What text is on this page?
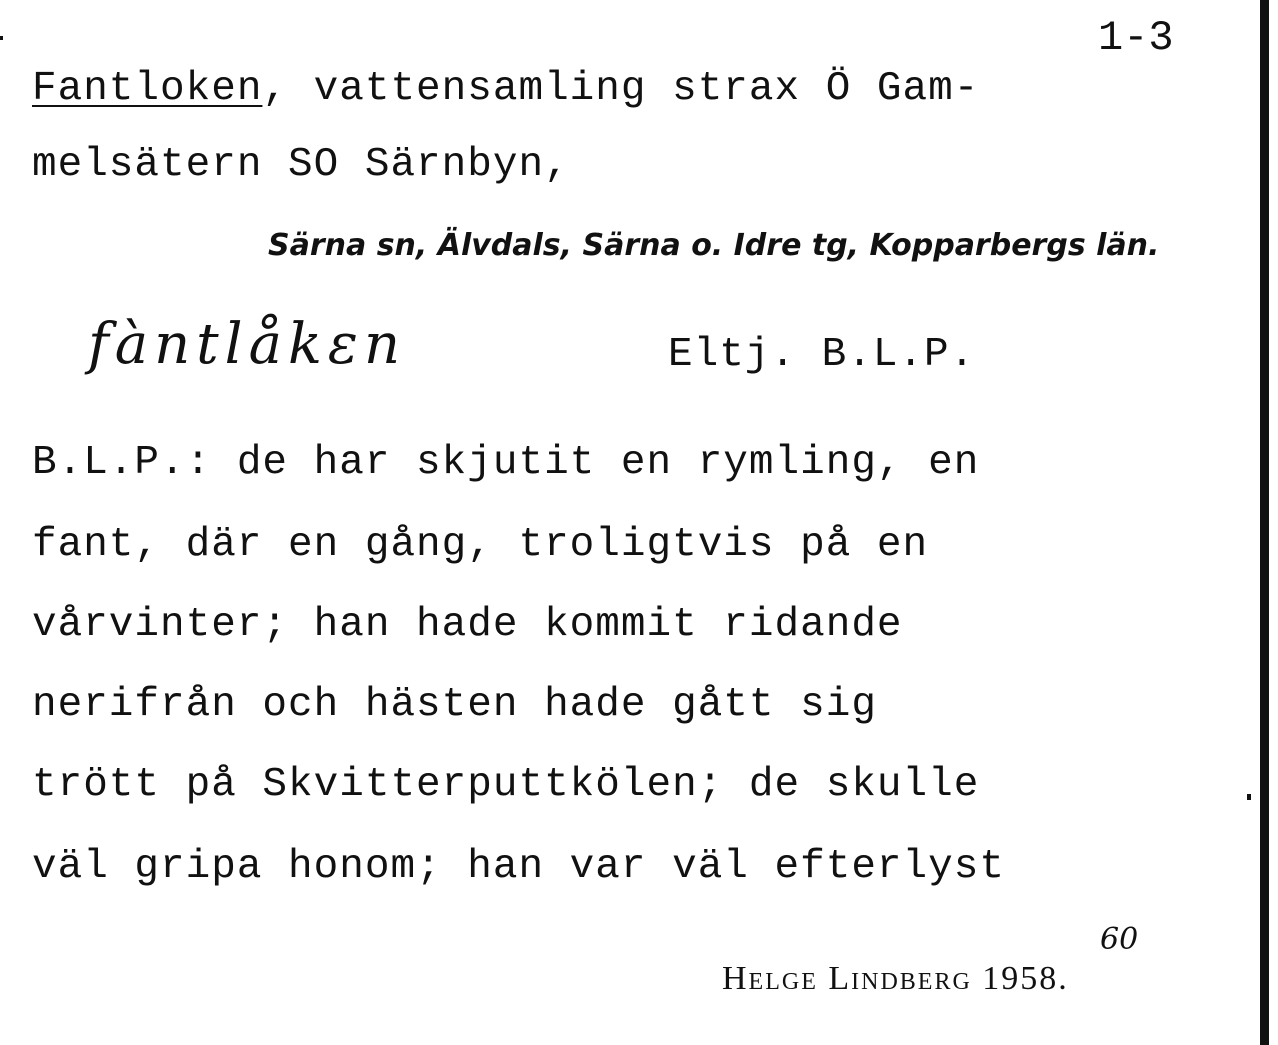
1-3
Fantloken, vattensamling strax Ö Gam-
melsätern SO Särnbyn,
Särna sn, Älvdals, Särna o. Idre tg, Kopparbergs län.
fàntlåkɛn	Eltj. B.L.P.
B.L.P.: de har skjutit en rymling, en
fant, där en gång, troligtvis på en
vårvinter; han hade kommit ridande
nerifrån och hästen hade gått sig
trött på Skvitterputtkölen; de skulle
väl gripa honom; han var väl efterlyst
60
Helge Lindberg 1958.
